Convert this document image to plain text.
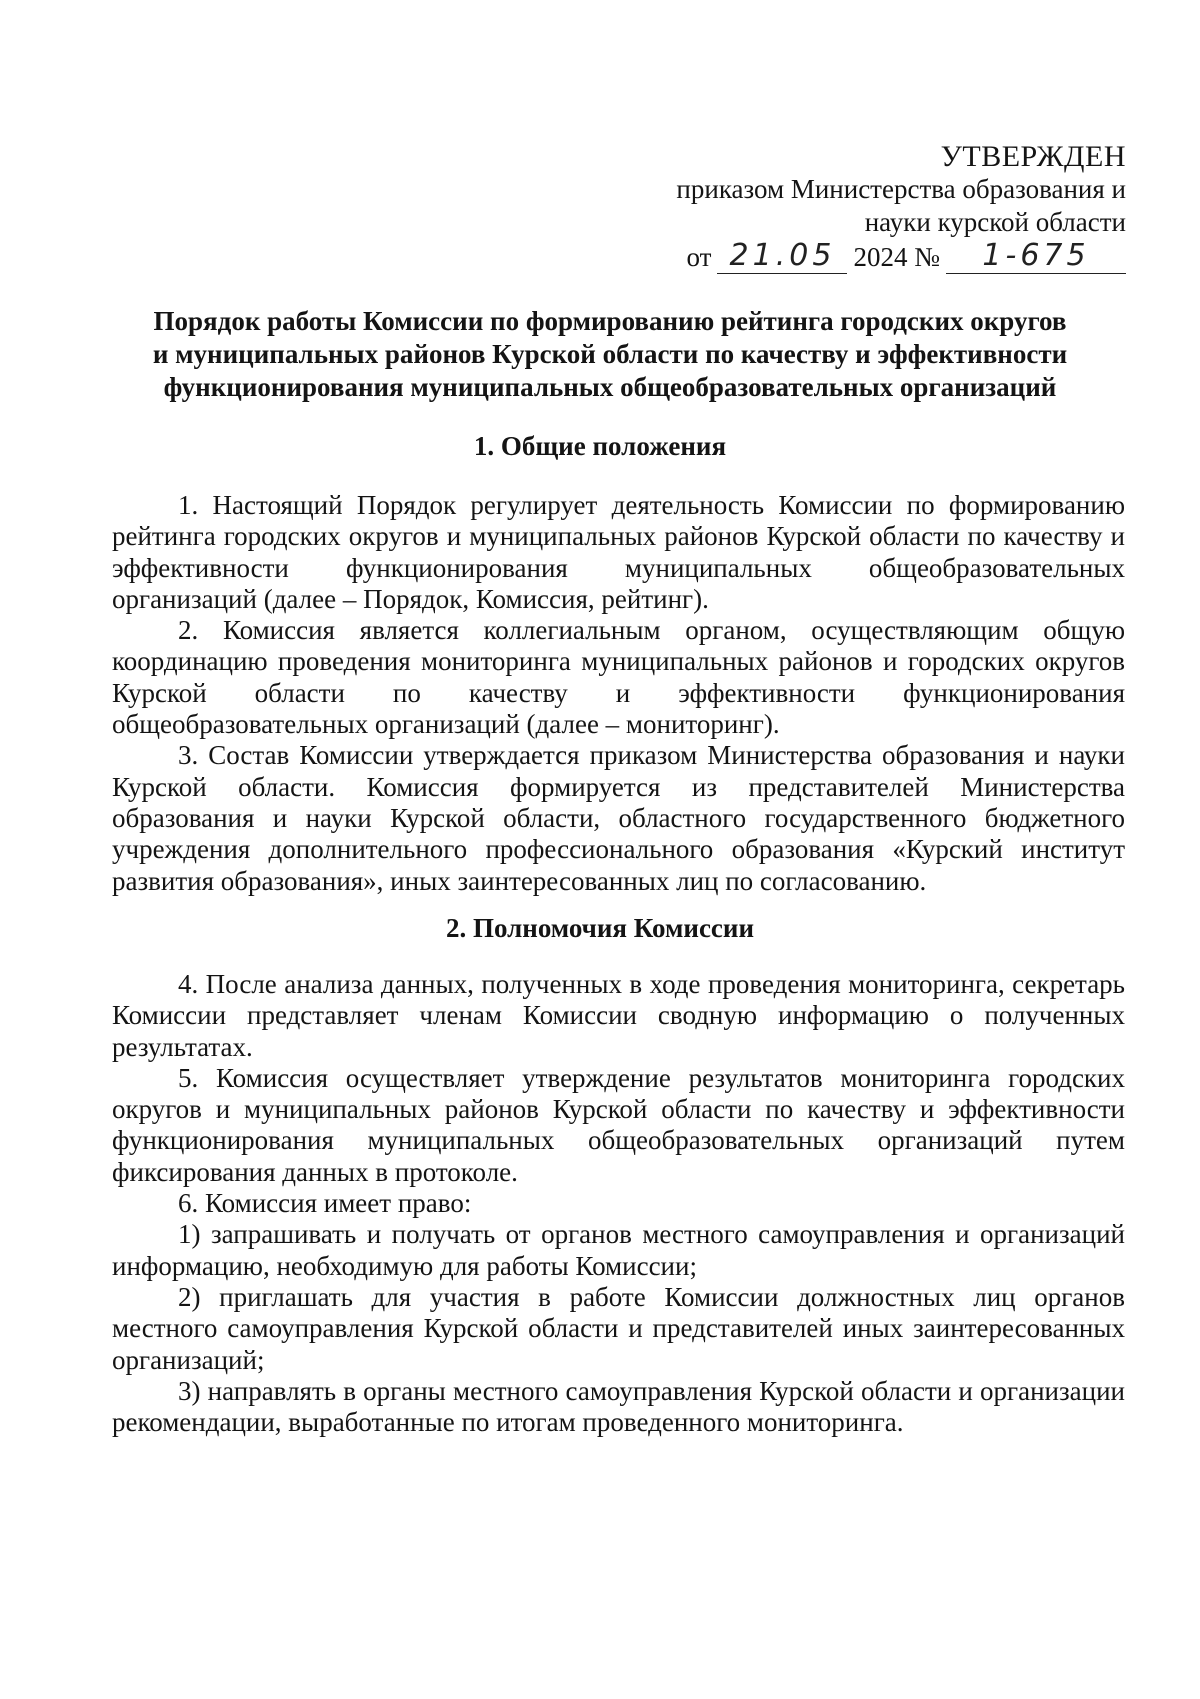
УТВЕРЖДЕН
приказом Министерства образования и
науки курской области
от 21.05 2024 №	1-675
Порядок работы Комиссии по формированию рейтинга городских округов и муниципальных районов Курской области по качеству и эффективности функционирования муниципальных общеобразовательных организаций
1. Общие положения

1. Настоящий Порядок регулирует деятельность Комиссии по формированию рейтинга городских округов и муниципальных районов Курской области по качеству и эффективности функционирования муниципальных общеобразовательных организаций (далее – Порядок, Комиссия, рейтинг).

2. Комиссия является коллегиальным органом, осуществляющим общую координацию проведения мониторинга муниципальных районов и городских округов Курской области по качеству и эффективности функционирования общеобразовательных организаций (далее – мониторинг).

3. Состав Комиссии утверждается приказом Министерства образования и науки Курской области. Комиссия формируется из представителей Министерства образования и науки Курской области, областного государственного бюджетного учреждения дополнительного профессионального образования «Курский институт развития образования», иных заинтересованных лиц по согласованию.

2. Полномочия Комиссии

4. После анализа данных, полученных в ходе проведения мониторинга, секретарь Комиссии представляет членам Комиссии сводную информацию о полученных результатах.

5. Комиссия осуществляет утверждение результатов мониторинга городских округов и муниципальных районов Курской области по качеству и эффективности функционирования муниципальных общеобразовательных организаций путем фиксирования данных в протоколе.

6. Комиссия имеет право:

1) запрашивать и получать от органов местного самоуправления и организаций информацию, необходимую для работы Комиссии;

2) приглашать для участия в работе Комиссии должностных лиц органов местного самоуправления Курской области и представителей иных заинтересованных организаций;

3) направлять в органы местного самоуправления Курской области и организации рекомендации, выработанные по итогам проведенного мониторинга.
